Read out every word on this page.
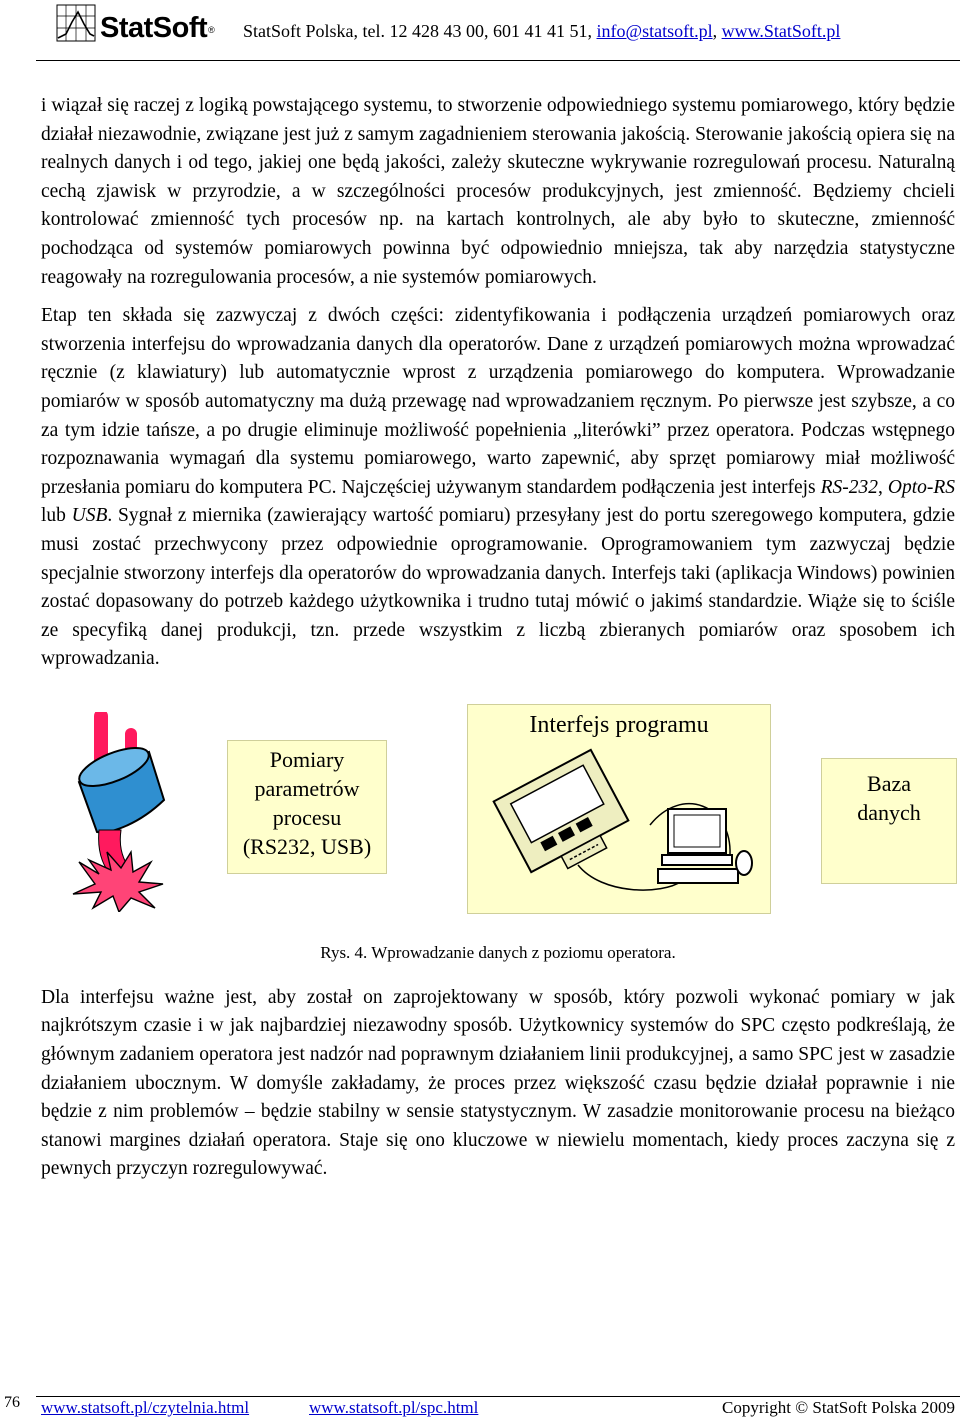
StatSoft® StatSoft Polska, tel. 12 428 43 00, 601 41 41 51, info@statsoft.pl, www.StatSoft.pl

i wiązał się raczej z logiką powstającego systemu, to stworzenie odpowiedniego systemu pomiarowego, który będzie działał niezawodnie, związane jest już z samym zagadnieniem sterowania jakością. Sterowanie jakością opiera się na realnych danych i od tego, jakiej one będą jakości, zależy skuteczne wykrywanie rozregulowań procesu. Naturalną cechą zjawisk w przyrodzie, a w szczególności procesów produkcyjnych, jest zmienność. Będziemy chcieli kontrolować zmienność tych procesów np. na kartach kontrolnych, ale aby było to skuteczne, zmienność pochodząca od systemów pomiarowych powinna być odpowiednio mniejsza, tak aby narzędzia statystyczne reagowały na rozregulowania procesów, a nie systemów pomiarowych.

Etap ten składa się zazwyczaj z dwóch części: zidentyfikowania i podłączenia urządzeń pomiarowych oraz stworzenia interfejsu do wprowadzania danych dla operatorów. Dane z urządzeń pomiarowych można wprowadzać ręcznie (z klawiatury) lub automatycznie wprost z urządzenia pomiarowego do komputera. Wprowadzanie pomiarów w sposób automatyczny ma dużą przewagę nad wprowadzaniem ręcznym. Po pierwsze jest szybsze, a co za tym idzie tańsze, a po drugie eliminuje możliwość popełnienia „literówki” przez operatora. Podczas wstępnego rozpoznawania wymagań dla systemu pomiarowego, warto zapewnić, aby sprzęt pomiarowy miał możliwość przesłania pomiaru do komputera PC. Najczęściej używanym standardem podłączenia jest interfejs RS-232, Opto-RS lub USB. Sygnał z miernika (zawierający wartość pomiaru) przesyłany jest do portu szeregowego komputera, gdzie musi zostać przechwycony przez odpowiednie oprogramowanie. Oprogramowaniem tym zazwyczaj będzie specjalnie stworzony interfejs dla operatorów do wprowadzania danych. Interfejs taki (aplikacja Windows) powinien zostać dopasowany do potrzeb każdego użytkownika i trudno tutaj mówić o jakimś standardzie. Wiąże się to ściśle ze specyfiką danej produkcji, tzn. przede wszystkim z liczbą zbieranych pomiarów oraz sposobem ich wprowadzania.

Pomiary
parametrów
procesu
(RS232, USB)
Interfejs programu
Baza
danych
Rys. 4. Wprowadzanie danych z poziomu operatora.

Dla interfejsu ważne jest, aby został on zaprojektowany w sposób, który pozwoli wykonać pomiary w jak najkrótszym czasie i w jak najbardziej niezawodny sposób. Użytkownicy systemów do SPC często podkreślają, że głównym zadaniem operatora jest nadzór nad poprawnym działaniem linii produkcyjnej, a samo SPC jest w zasadzie działaniem ubocznym. W domyśle zakładamy, że proces przez większość czasu będzie działał poprawnie i nie będzie z nim problemów – będzie stabilny w sensie statystycznym. W zasadzie monitorowanie procesu na bieżąco stanowi margines działań operatora. Staje się ono kluczowe w niewielu momentach, kiedy proces zaczyna się z pewnych przyczyn rozregulowywać.

76 www.statsoft.pl/czytelnia.html	www.statsoft.pl/spc.html	Copyright © StatSoft Polska 2009
